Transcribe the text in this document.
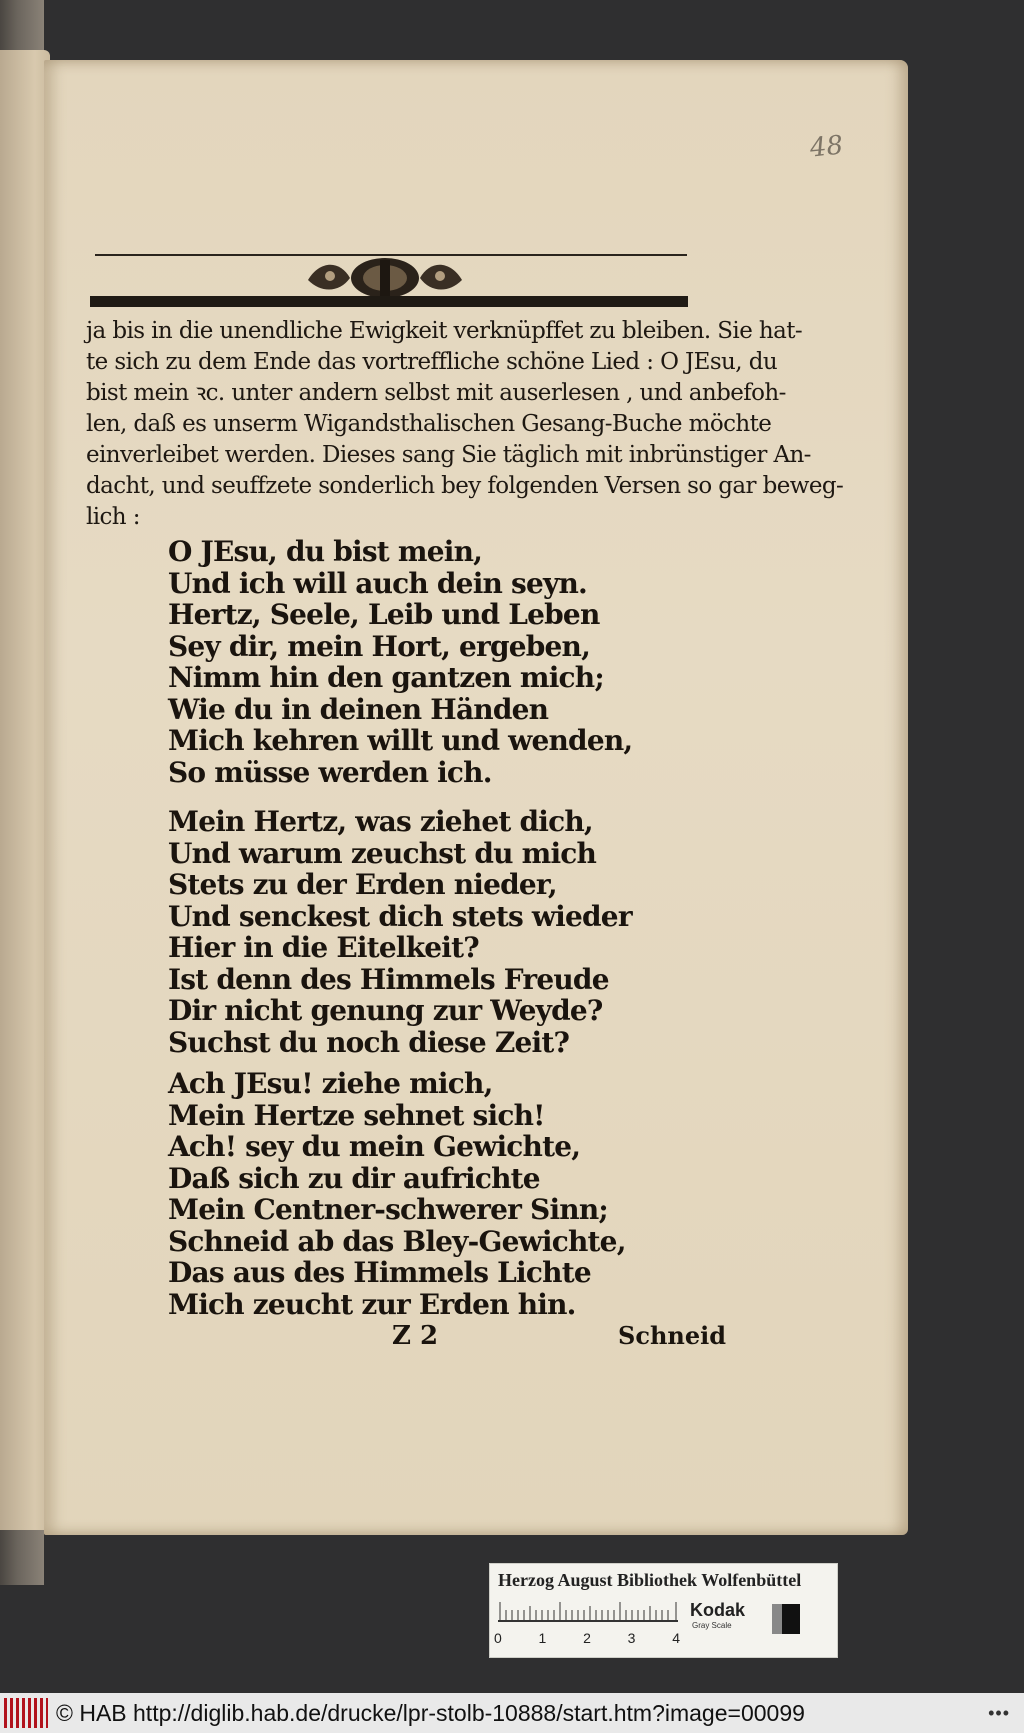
48
ja bis in die unendliche Ewigkeit verknüpffet zu bleiben. Sie hat-
te sich zu dem Ende das vortreffliche schöne Lied : O JEsu, du
bist mein ꝛc. unter andern selbst mit auserlesen , und anbefoh-
len, daß es unserm Wigandsthalischen Gesang-Buche möchte
einverleibet werden. Dieses sang Sie täglich mit inbrünstiger An-
dacht, und seuffzete sonderlich bey folgenden Versen so gar beweg-
lich :
O JEsu, du bist mein,
Und ich will auch dein seyn.
Hertz, Seele, Leib und Leben
Sey dir, mein Hort, ergeben,
Nimm hin den gantzen mich;
Wie du in deinen Händen
Mich kehren willt und wenden,
So müsse werden ich.
Mein Hertz, was ziehet dich,
Und warum zeuchst du mich
Stets zu der Erden nieder,
Und senckest dich stets wieder
Hier in die Eitelkeit?
Ist denn des Himmels Freude
Dir nicht genung zur Weyde?
Suchst du noch diese Zeit?
Ach JEsu! ziehe mich,
Mein Hertze sehnet sich!
Ach! sey du mein Gewichte,
Daß sich zu dir aufrichte
Mein Centner-schwerer Sinn;
Schneid ab das Bley-Gewichte,
Das aus des Himmels Lichte
Mich zeucht zur Erden hin.
Z 2	Schneid
Herzog August Bibliothek Wolfenbüttel
0	1	2	3	4
Kodak
Gray Scale
© HAB http://diglib.hab.de/drucke/lpr-stolb-10888/start.htm?image=00099	•••
